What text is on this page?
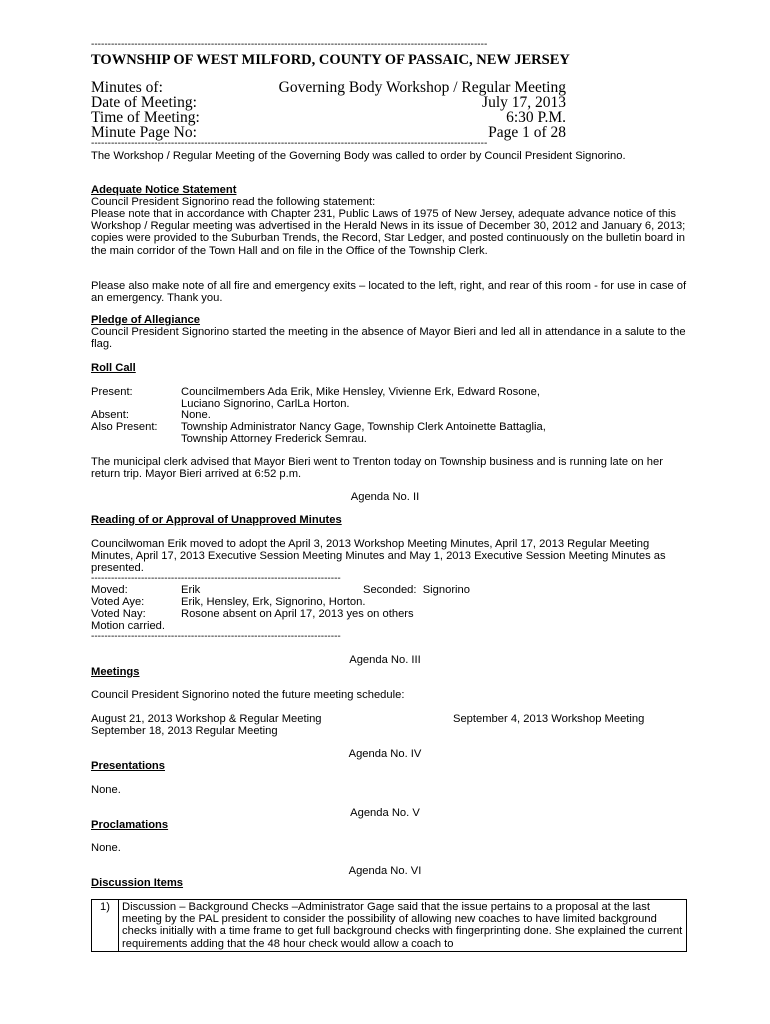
-----------------------------------------------------------------------------------------------------------------------
TOWNSHIP OF WEST MILFORD, COUNTY OF PASSAIC, NEW JERSEY
Minutes of:	Governing Body Workshop / Regular Meeting
Date of Meeting:	July 17, 2013
Time of Meeting:	6:30 P.M.
Minute Page No:	Page 1 of 28
-----------------------------------------------------------------------------------------------------------------------
The Workshop / Regular Meeting of the Governing Body was called to order by Council President Signorino.
Adequate Notice Statement
Council President Signorino read the following statement:
Please note that in accordance with Chapter 231, Public Laws of 1975 of New Jersey, adequate advance notice of this Workshop / Regular meeting was advertised in the Herald News in its issue of December 30, 2012 and January 6, 2013; copies were provided to the Suburban Trends, the Record, Star Ledger, and posted continuously on the bulletin board in the main corridor of the Town Hall and on file in the Office of the Township Clerk.
Please also make note of all fire and emergency exits – located to the left, right, and rear of this room - for use in case of an emergency. Thank you.
Pledge of Allegiance
Council President Signorino started the meeting in the absence of Mayor Bieri and led all in attendance in a salute to the flag.
Roll Call
Present:	Councilmembers Ada Erik, Mike Hensley, Vivienne Erk, Edward Rosone,
Luciano Signorino, CarlLa Horton.
Absent:	None.
Also Present: Township Administrator Nancy Gage, Township Clerk Antoinette Battaglia,
Township Attorney Frederick Semrau.
The municipal clerk advised that Mayor Bieri went to Trenton today on Township business and is running late on her return trip. Mayor Bieri arrived at 6:52 p.m.
Agenda No. II
Reading of or Approval of Unapproved Minutes
Councilwoman Erik moved to adopt the April 3, 2013 Workshop Meeting Minutes, April 17, 2013 Regular Meeting Minutes, April 17, 2013 Executive Session Meeting Minutes and May 1, 2013 Executive Session Meeting Minutes as presented.
---------------------------------------------------------------------------
Moved:	Erik	Seconded:  Signorino
Voted Aye:	Erik, Hensley, Erk, Signorino, Horton.
Voted Nay:	Rosone absent on April 17, 2013 yes on others
Motion carried.
---------------------------------------------------------------------------
Agenda No. III
Meetings
Council President Signorino noted the future meeting schedule:
August 21, 2013 Workshop & Regular Meeting	September 4, 2013 Workshop Meeting
September 18, 2013 Regular Meeting
Agenda No. IV
Presentations
None.
Agenda No. V
Proclamations
None.
Agenda No. VI
Discussion Items
1)	Discussion – Background Checks –Administrator Gage said that the issue pertains to a proposal at the last meeting by the PAL president to consider the possibility of allowing new coaches to have limited background checks initially with a time frame to get full background checks with fingerprinting done. She explained the current requirements adding that the 48 hour check would allow a coach to
